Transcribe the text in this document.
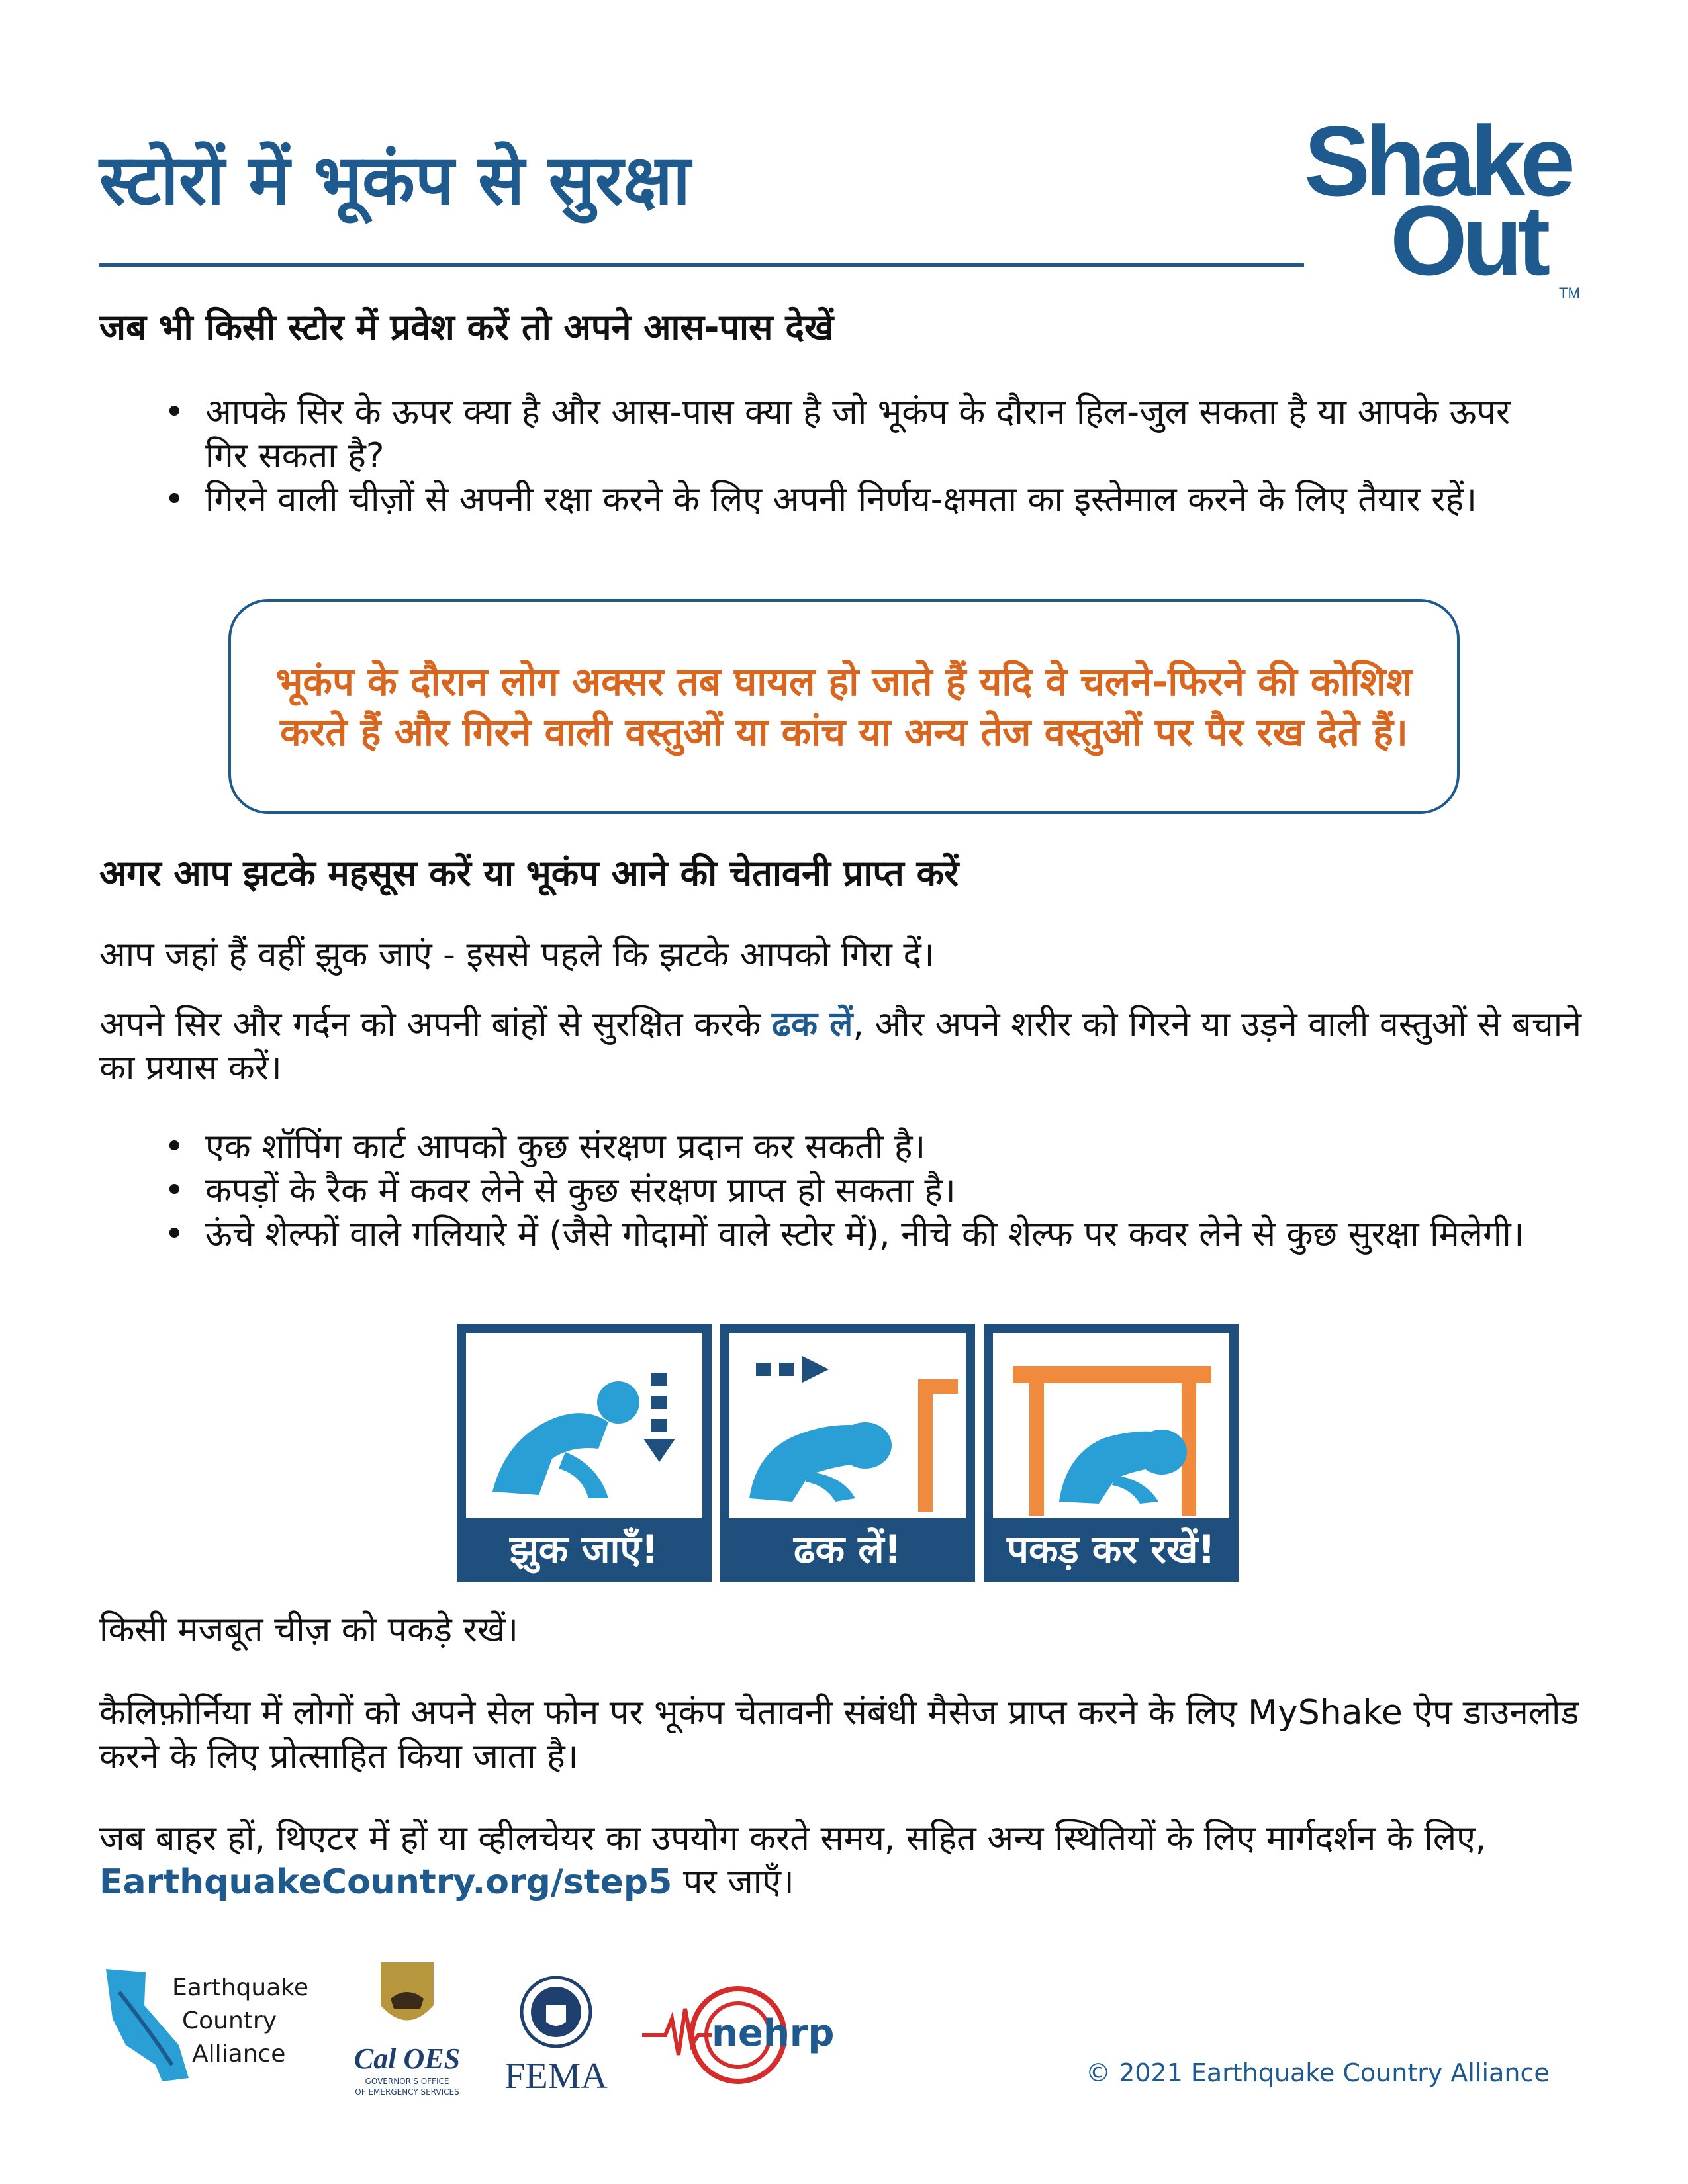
स्टोरों में भूकंप से सुरक्षा	Shake
Out TM
जब भी किसी स्टोर में प्रवेश करें तो अपने आस-पास देखें
• आपके सिर के ऊपर क्या है और आस-पास क्या है जो भूकंप के दौरान हिल-जुल सकता है या आपके ऊपर गिर सकता है?
• गिरने वाली चीज़ों से अपनी रक्षा करने के लिए अपनी निर्णय-क्षमता का इस्तेमाल करने के लिए तैयार रहें।
भूकंप के दौरान लोग अक्सर तब घायल हो जाते हैं यदि वे चलने-फिरने की कोशिश करते हैं और गिरने वाली वस्तुओं या कांच या अन्य तेज वस्तुओं पर पैर रख देते हैं।
अगर आप झटके महसूस करें या भूकंप आने की चेतावनी प्राप्त करें
आप जहां हैं वहीं झुक जाएं - इससे पहले कि झटके आपको गिरा दें।
अपने सिर और गर्दन को अपनी बांहों से सुरक्षित करके ढक लें, और अपने शरीर को गिरने या उड़ने वाली वस्तुओं से बचाने का प्रयास करें।
• एक शॉपिंग कार्ट आपको कुछ संरक्षण प्रदान कर सकती है।
• कपड़ों के रैक में कवर लेने से कुछ संरक्षण प्राप्त हो सकता है।
• ऊंचे शेल्फों वाले गलियारे में (जैसे गोदामों वाले स्टोर में), नीचे की शेल्फ पर कवर लेने से कुछ सुरक्षा मिलेगी।
झुक जाएँ!	ढक लें!	पकड़ कर रखें!
किसी मजबूत चीज़ को पकड़े रखें।
कैलिफ़ोर्निया में लोगों को अपने सेल फोन पर भूकंप चेतावनी संबंधी मैसेज प्राप्त करने के लिए MyShake ऐप डाउनलोड करने के लिए प्रोत्साहित किया जाता है।
जब बाहर हों, थिएटर में हों या व्हीलचेयर का उपयोग करते समय, सहित अन्य स्थितियों के लिए मार्गदर्शन के लिए, EarthquakeCountry.org/step5 पर जाएँ।
Earthquake
Country
Alliance Cal OES
GOVERNOR'S OFFICE
OF EMERGENCY SERVICES FEMA
nehrp
© 2021 Earthquake Country Alliance
